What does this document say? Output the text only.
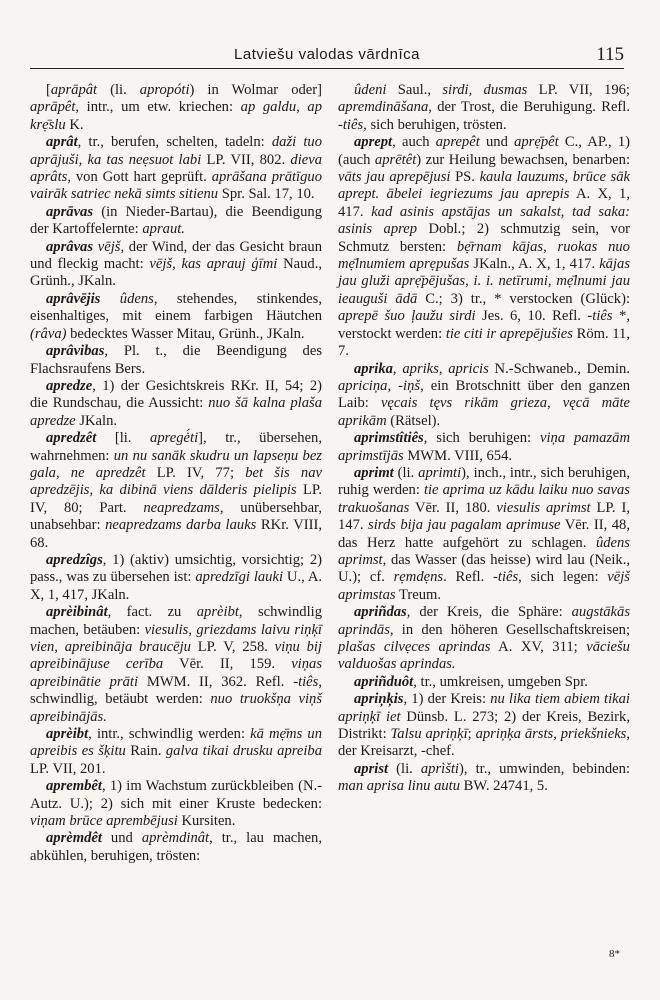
Latviešu valodas vārdnīca	115

[aprāpât (li. apropóti) in Wolmar oder] aprāpêt, intr., um etw. kriechen: ap galdu, ap krẹ̄slu K.

aprât, tr., berufen, schelten, tadeln: daži tuo aprājuši, ka tas neẹsuot labi LP. VII, 802. dieva aprâts, von Gott hart geprüft. aprāšana prātīguo vairāk satriec nekā simts sitienu Spr. Sal. 17, 10.

aprāvas (in Nieder-Bartau), die Beendigung der Kartoffelernte: apraut.

aprâvas vējš, der Wind, der das Gesicht braun und fleckig macht: vējš, kas aprauj ģīmi Naud., Grünh., JKaln.

aprâvējis ûdens, stehendes, stinkendes, eisenhaltiges, mit einem farbigen Häutchen (râva) bedecktes Wasser Mitau, Grünh., JKaln.

aprâvibas, Pl. t., die Beendigung des Flachsraufens Bers.

apredze, 1) der Gesichtskreis RKr. II, 54; 2) die Rundschau, die Aussicht: nuo šā kalna plaša apredze JKaln.

apredzêt [li. apregė́ti], tr., übersehen, wahrnehmen: un nu sanāk skudru un lapseņu bez gala, ne apredzêt LP. IV, 77; bet šis nav apredzējis, ka dibinā viens dālderis pielipis LP. IV, 80; Part. neapredzams, unübersehbar, unabsehbar: neapredzams darba lauks RKr. VIII, 68.

apredzîgs, 1) (aktiv) umsichtig, vorsichtig; 2) pass., was zu übersehen ist: apredzīgi lauki U., A. X, 1, 417, JKaln.

aprèibinât, fact. zu aprèibt, schwindlig machen, betäuben: viesulis, griezdams laivu riņķī vien, apreibināja braucēju LP. V, 258. viņu bij apreibinājuse cerība Vēr. II, 159. viņas apreibinātie prāti MWM. II, 362. Refl. -tiês, schwindlig, betäubt werden: nuo truokšņa viņš apreibinājās.

aprèibt, intr., schwindlig werden: kā mẹ̄ms un apreibis es šķitu Rain. galva tikai drusku apreiba LP. VII, 201.

aprembêt, 1) im Wachstum zurückbleiben (N.-Autz. U.); 2) sich mit einer Kruste bedecken: viņam brūce aprembējusi Kursiten.

aprèmdêt und aprèmdinât, tr., lau machen, abkühlen, beruhigen, trösten:

ûdeni Saul., sirdi, dusmas LP. VII, 196; apremdināšana, der Trost, die Beruhigung. Refl. -tiês, sich beruhigen, trösten.

aprept, auch aprepêt und aprẹ̄pêt C., AP., 1) (auch aprētêt) zur Heilung bewachsen, benarben: vāts jau aprepējusi PS. kaula lauzums, brūce sāk aprept. ābelei iegriezums jau aprepis A. X, 1, 417. kad asinis apstājas un sakalst, tad saka: asinis aprep Dobl.; 2) schmutzig sein, vor Schmutz bersten: bẹ̄rnam kājas, ruokas nuo mẹ̄lnumiem aprẹpušas JKaln., A. X, 1, 417. kājas jau gluži aprẹ̄pējušas, i. i. netīrumi, mẹ̄lnumi jau ieauguši ādā C.; 3) tr., * verstocken (Glück): aprepē šuo ļaužu sirdi Jes. 6, 10. Refl. -tiês *, verstockt werden: tie citi ir aprepējušies Röm. 11, 7.

aprika, apriks, apricis N.-Schwaneb., Demin. apriciņa, -iņš, ein Brotschnitt über den ganzen Laib: vęcais tęvs rikām grieza, vęcā māte aprikām (Rätsel).

aprimstîtiês, sich beruhigen: viņa pamazām aprimstījās MWM. VIII, 654.

aprimt (li. aprimti), inch., intr., sich beruhigen, ruhig werden: tie aprima uz kādu laiku nuo savas trakuošanas Vēr. II, 180. viesulis aprimst LP. I, 147. sirds bija jau pagalam aprimuse Vēr. II, 48, das Herz hatte aufgehört zu schlagen. ûdens aprimst, das Wasser (das heisse) wird lau (Neik., U.); cf. rẹmdẹns. Refl. -tiês, sich legen: vējš aprimstas Treum.

apriñdas, der Kreis, die Sphäre: augstākās aprindās, in den höheren Gesellschaftskreisen; plašas cilvẹces aprindas A. XV, 311; vāciešu valduošas aprindas.

apriñduôt, tr., umkreisen, umgeben Spr.

apriņķis, 1) der Kreis: nu lika tiem abiem tikai apriņķī iet Dünsb. L. 273; 2) der Kreis, Bezirk, Distrikt: Talsu apriņķī; apriņķa ārsts, priekšnieks, der Kreisarzt, -chef.

aprist (li. aprìšti), tr., umwinden, bebinden: man aprisa linu autu BW. 24741, 5.

8*
